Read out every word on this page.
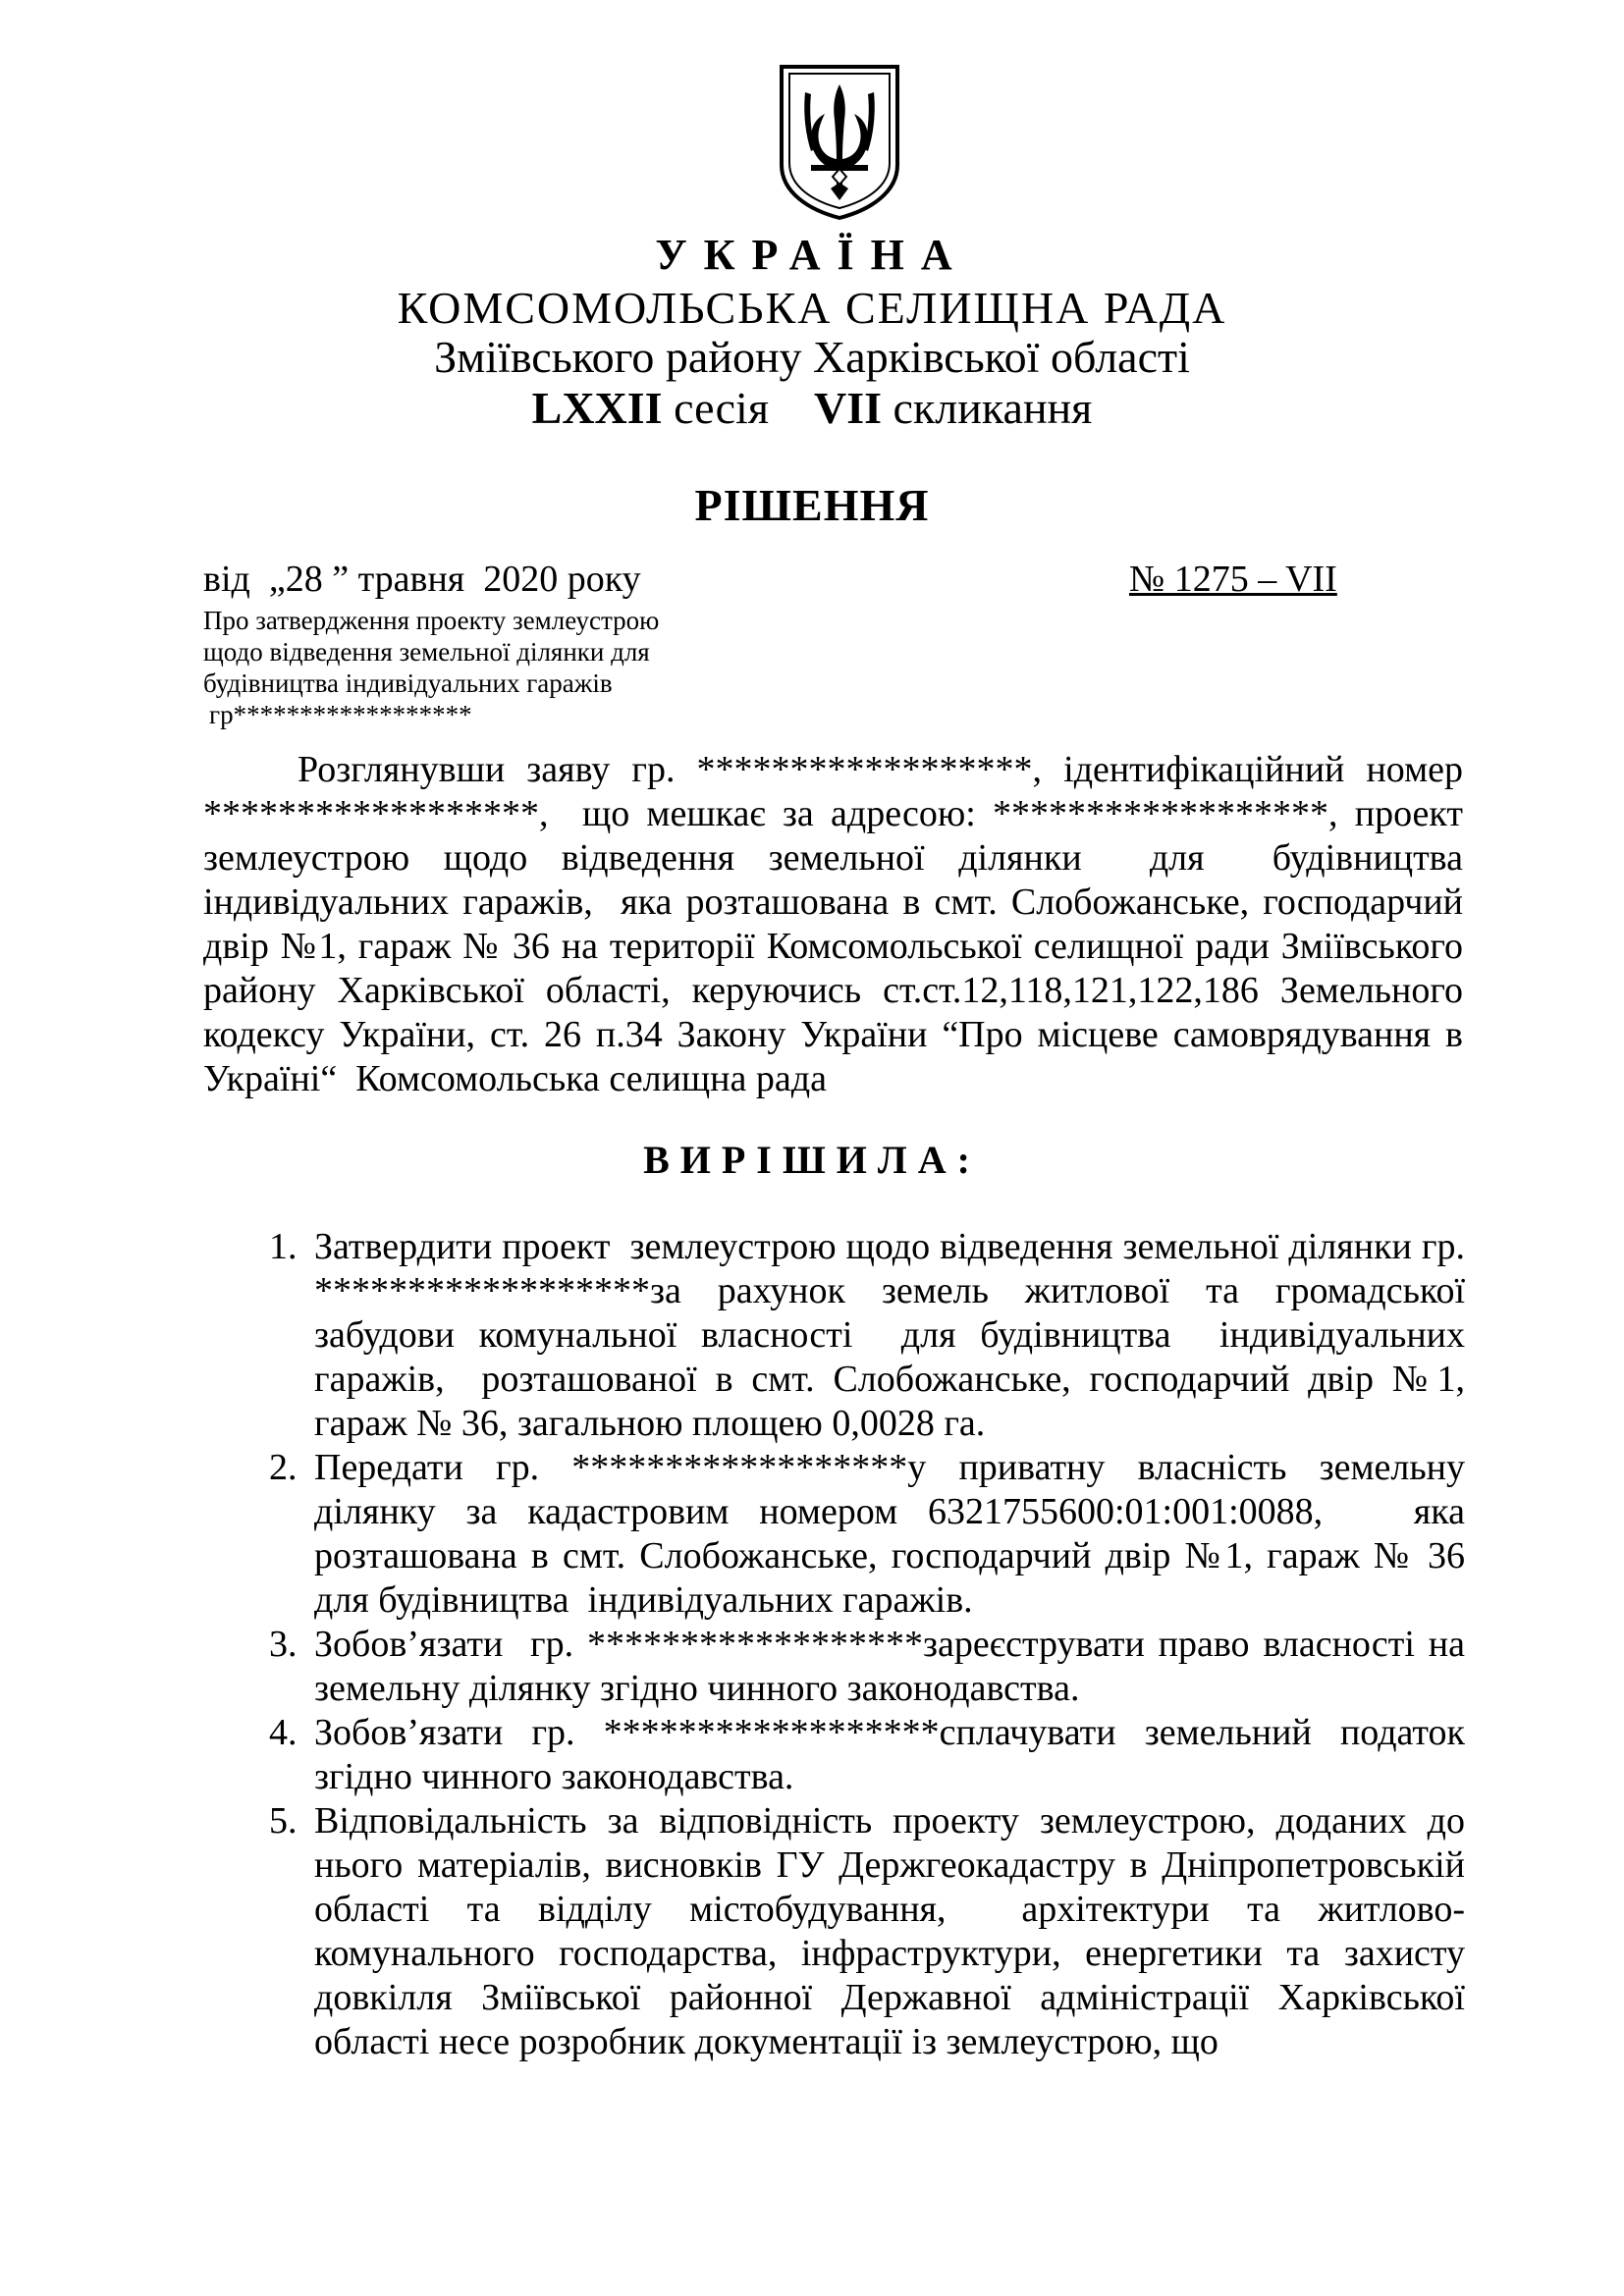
УКРАЇНА
КОМСОМОЛЬСЬКА СЕЛИЩНА РАДА
Зміївського району Харківської області
LXXII сесія    VII скликання
РІШЕННЯ
від  „28 ” травня  2020 року	№ 1275 – VII
Про затвердження проекту землеустрою
щодо відведення земельної ділянки для
будівництва індивідуальних гаражів
гр******************
Розглянувши заяву гр. ******************, ідентифікаційний номер ******************,  що мешкає за адресою: ******************, проект землеустрою щодо відведення земельної ділянки  для  будівництва індивідуальних гаражів,  яка розташована в смт. Слобожанське, господарчий двір №1, гараж № 36 на території Комсомольської селищної ради Зміївського району Харківської області, керуючись ст.ст.12,118,121,122,186 Земельного кодексу України, ст. 26 п.34 Закону України “Про місцеве самоврядування в Україні“  Комсомольська селищна рада
ВИРІШИЛА:
1. Затвердити проект  землеустрою щодо відведення земельної ділянки гр. ******************за рахунок земель житлової та громадської забудови комунальної власності  для будівництва  індивідуальних гаражів,  розташованої в смт. Слобожанське, господарчий двір №1, гараж № 36, загальною площею 0,0028 га.
2. Передати гр. ******************у приватну власність земельну ділянку за кадастровим номером 6321755600:01:001:0088,   яка розташована в смт. Слобожанське, господарчий двір №1, гараж № 36  для будівництва  індивідуальних гаражів.
3. Зобов’язати  гр. ******************зареєструвати право власності на земельну ділянку згідно чинного законодавства.
4. Зобов’язати гр. ******************сплачувати земельний податок згідно чинного законодавства.
5. Відповідальність за відповідність проекту землеустрою, доданих до нього матеріалів, висновків ГУ Держгеокадастру в Дніпропетровській області та відділу містобудування,  архітектури та житлово-комунального господарства, інфраструктури, енергетики та захисту довкілля Зміївської районної Державної адміністрації Харківської області несе розробник документації із землеустрою, що
